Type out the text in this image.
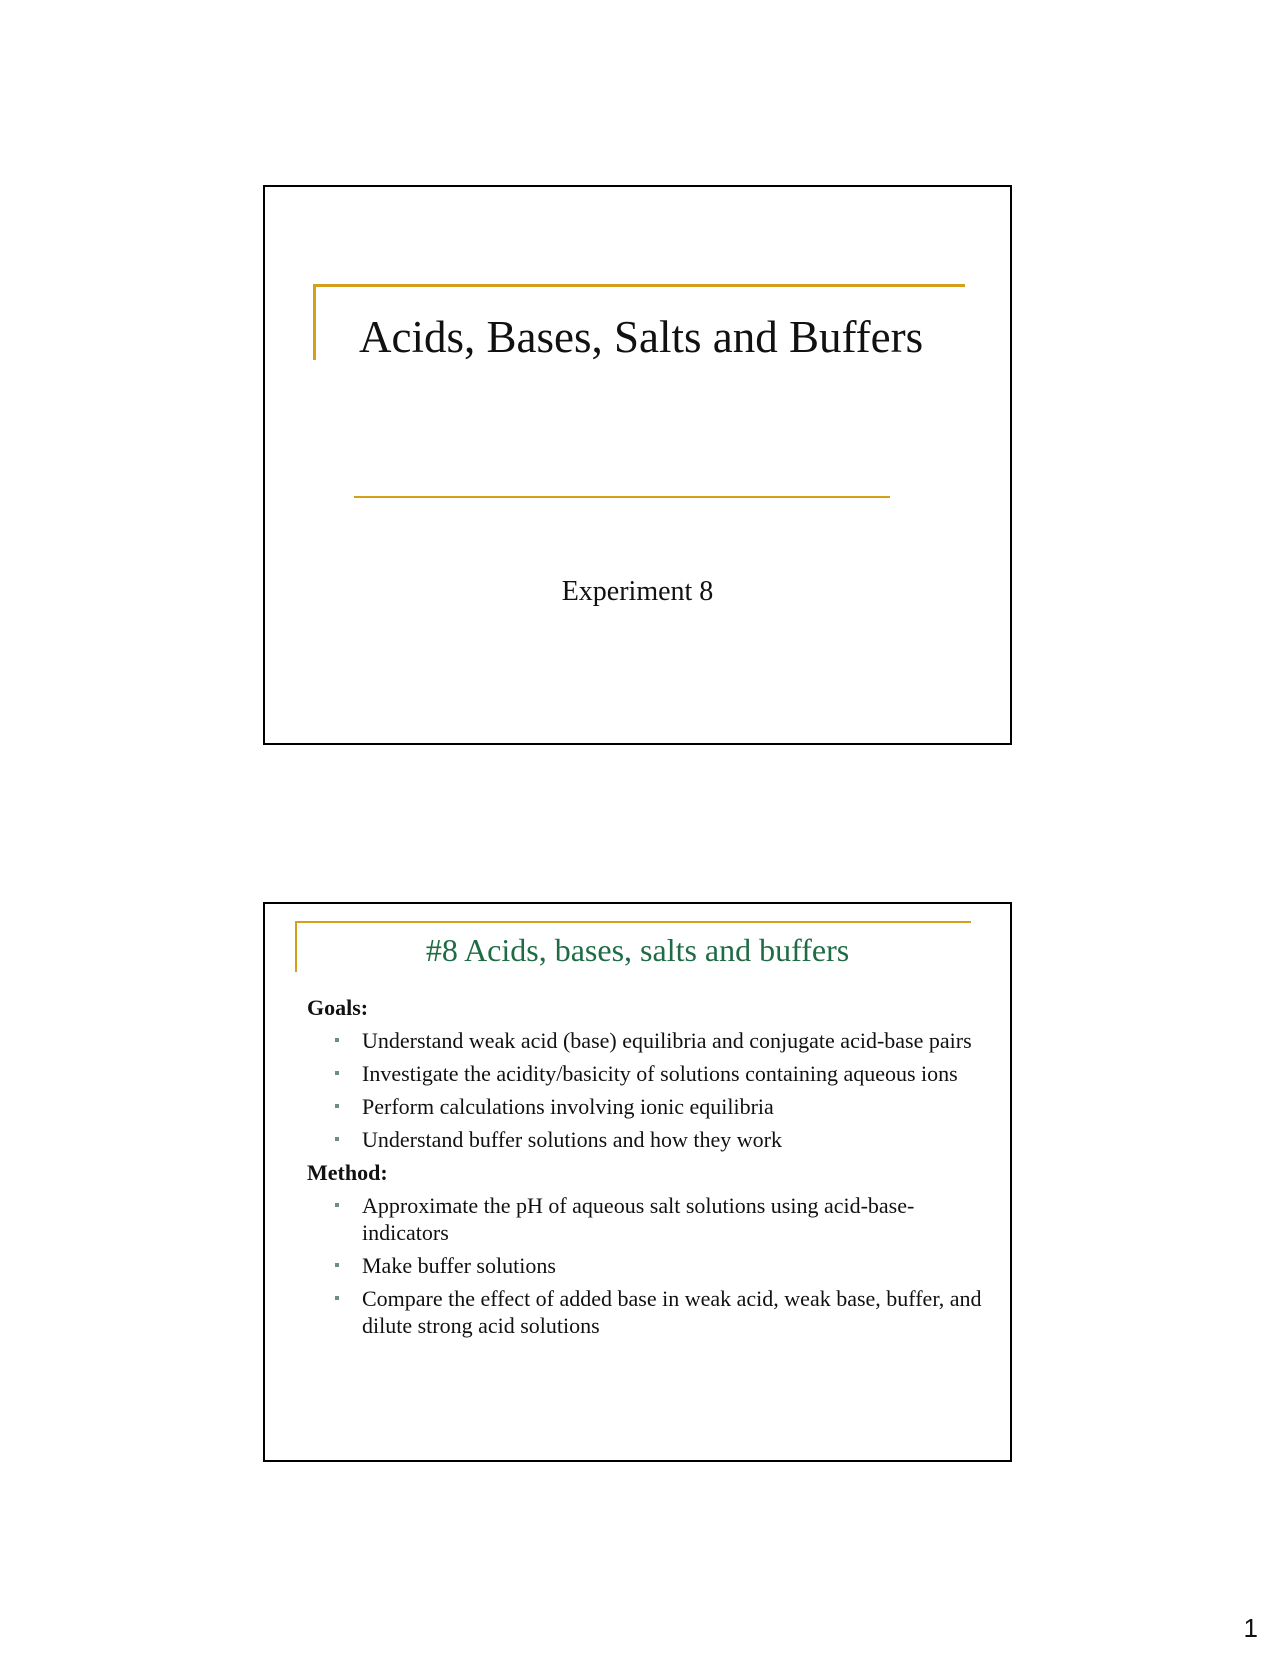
Acids, Bases, Salts and Buffers
Experiment 8
#8 Acids, bases, salts and buffers
Goals:
Understand weak acid (base) equilibria and conjugate acid-base pairs
Investigate the acidity/basicity of solutions containing aqueous ions
Perform calculations involving ionic equilibria
Understand buffer solutions and how they work
Method:
Approximate the pH of aqueous salt solutions using acid-base-indicators
Make buffer solutions
Compare the effect of added base in weak acid, weak base, buffer, and dilute strong acid solutions
1
